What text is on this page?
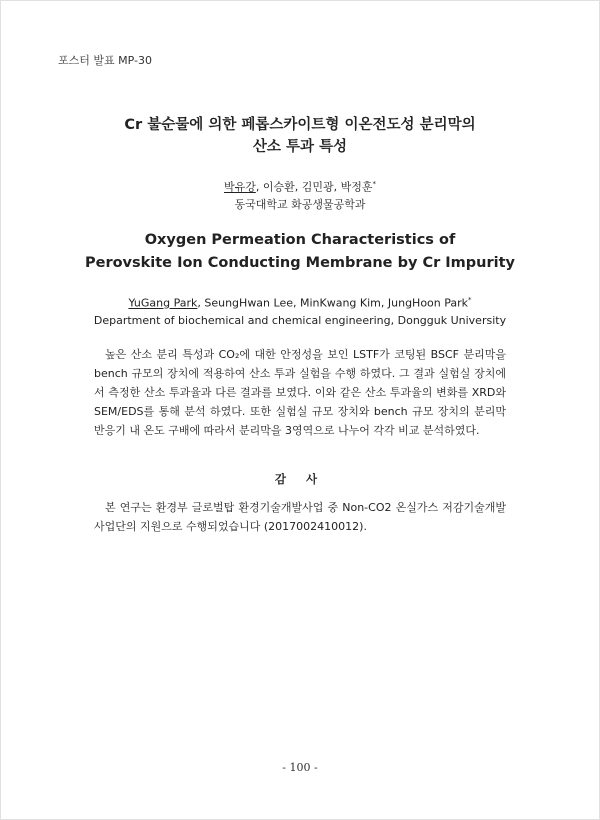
포스터 발표 MP-30
Cr 불순물에 의한 페롭스카이트형 이온전도성 분리막의
산소 투과 특성
박유강, 이승환, 김민광, 박정훈*
동국대학교 화공생물공학과
Oxygen Permeation Characteristics of
Perovskite Ion Conducting Membrane by Cr Impurity
YuGang Park, SeungHwan Lee, MinKwang Kim, JungHoon Park*
Department of biochemical and chemical engineering, Dongguk University

높은 산소 분리 특성과 CO₂에 대한 안정성을 보인 LSTF가 코팅된 BSCF 분리막을 bench 규모의 장치에 적용하여 산소 투과 실험을 수행 하였다. 그 결과 실험실 장치에서 측정한 산소 투과율과 다른 결과를 보였다. 이와 같은 산소 투과율의 변화를 XRD와 SEM/EDS를 통해 분석 하였다. 또한 실험실 규모 장치와 bench 규모 장치의 분리막 반응기 내 온도 구배에 따라서 분리막을 3영역으로 나누어 각각 비교 분석하였다.

감 사

본 연구는 환경부 글로벌탑 환경기술개발사업 중 Non-CO2 온실가스 저감기술개발 사업단의 지원으로 수행되었습니다 (2017002410012).

- 100 -
